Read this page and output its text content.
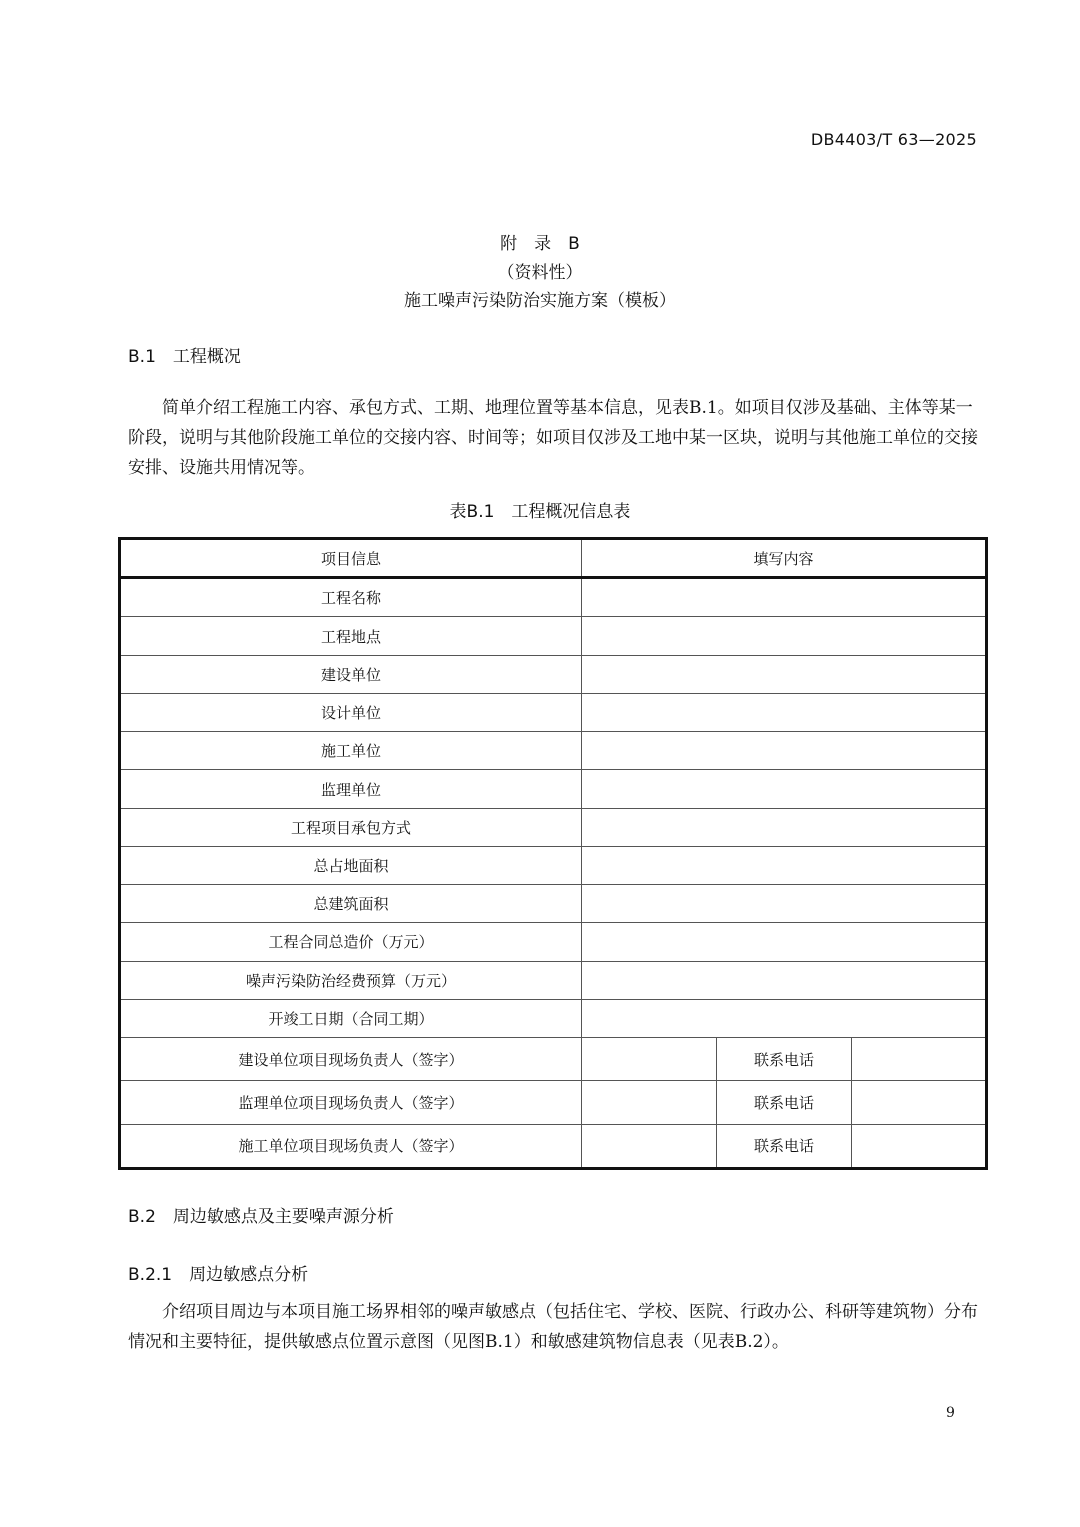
DB4403/T 63—2025
附　录　B
（资料性）
施工噪声污染防治实施方案（模板）
B.1　工程概况
简单介绍工程施工内容、承包方式、工期、地理位置等基本信息，见表B.1。如项目仅涉及基础、主体等某一阶段，说明与其他阶段施工单位的交接内容、时间等；如项目仅涉及工地中某一区块，说明与其他施工单位的交接安排、设施共用情况等。
表B.1　工程概况信息表
项目信息	填写内容		
工程名称			
工程地点			
建设单位			
设计单位			
施工单位			
监理单位			
工程项目承包方式			
总占地面积			
总建筑面积			
工程合同总造价（万元）			
噪声污染防治经费预算（万元）			
开竣工日期（合同工期）			
建设单位项目现场负责人（签字）		联系电话	
监理单位项目现场负责人（签字）		联系电话	
施工单位项目现场负责人（签字）		联系电话	
B.2　周边敏感点及主要噪声源分析
B.2.1　周边敏感点分析
介绍项目周边与本项目施工场界相邻的噪声敏感点（包括住宅、学校、医院、行政办公、科研等建筑物）分布情况和主要特征，提供敏感点位置示意图（见图B.1）和敏感建筑物信息表（见表B.2）。
9
